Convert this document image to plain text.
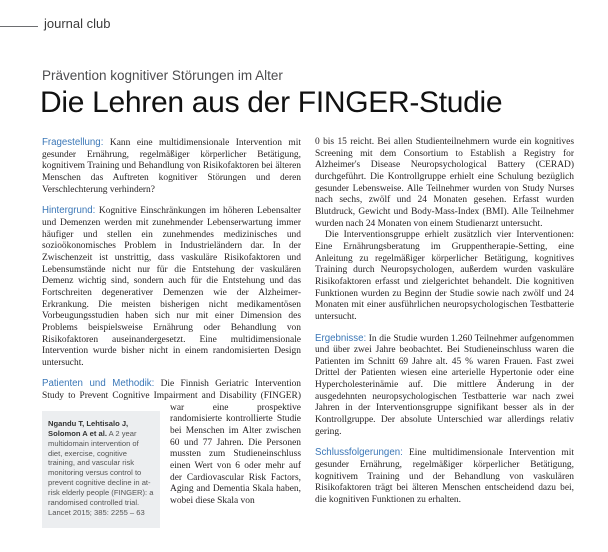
journal club
Prävention kognitiver Störungen im Alter
Die Lehren aus der FINGER-Studie

Fragestellung: Kann eine multidimensionale Intervention mit gesunder Ernährung, regelmäßiger körperlicher Betätigung, kognitivem Training und Behandlung von Risikofaktoren bei älteren Menschen das Auftreten kognitiver Störungen und deren Verschlechterung verhindern?

Hintergrund: Kognitive Einschränkungen im höheren Lebensalter und Demenzen werden mit zunehmender Lebenserwartung immer häufiger und stellen ein zunehmendes medizinisches und sozioökonomisches Problem in Industrieländern dar. In der Zwischenzeit ist unstrittig, dass vaskuläre Risikofaktoren und Lebensumstände nicht nur für die Entstehung der vaskulären Demenz wichtig sind, sondern auch für die Entstehung und das Fortschreiten degenerativer Demenzen wie der Alzheimer-Erkrankung. Die meisten bisherigen nicht medikamentösen Vorbeugungsstudien haben sich nur mit einer Dimension des Problems beispielsweise Ernährung oder Behandlung von Risikofaktoren auseinandergesetzt. Eine multidimensionale Intervention wurde bisher nicht in einem randomisierten Design untersucht.

Patienten und Methodik: Die Finnish Geriatric Intervention Study to Prevent Cognitive Impairment and Disability (FINGER)
Ngandu T, Lehtisalo J, Solomon A et al. A 2 year multidomain intervention of diet, exercise, cognitive training, and vascular risk monitoring versus control to prevent cognitive decline in at-risk elderly people (FINGER): a randomised controlled trial. Lancet 2015; 385: 2255 – 63
war eine prospektive randomisierte kontrollierte Studie bei Menschen im Alter zwischen 60 und 77 Jahren. Die Personen mussten zum Studieneinschluss einen Wert von 6 oder mehr auf der Cardiovascular Risk Factors, Aging and Dementia Skala haben, wobei diese Skala von

0 bis 15 reicht. Bei allen Studienteilnehmern wurde ein kognitives Screening mit dem Consortium to Establish a Registry for Alzheimer's Disease Neuropsychological Battery (CERAD) durchgeführt. Die Kontrollgruppe erhielt eine Schulung bezüglich gesunder Lebensweise. Alle Teilnehmer wurden von Study Nurses nach sechs, zwölf und 24 Monaten gesehen. Erfasst wurden Blutdruck, Gewicht und Body-Mass-Index (BMI). Alle Teilnehmer wurden nach 24 Monaten von einem Studienarzt untersucht.

Die Interventionsgruppe erhielt zusätzlich vier Interventionen: Eine Ernährungsberatung im Gruppentherapie-Setting, eine Anleitung zu regelmäßiger körperlicher Betätigung, kognitives Training durch Neuropsychologen, außerdem wurden vaskuläre Risikofaktoren erfasst und zielgerichtet behandelt. Die kognitiven Funktionen wurden zu Beginn der Studie sowie nach zwölf und 24 Monaten mit einer ausführlichen neuropsychologischen Testbatterie untersucht.

Ergebnisse: In die Studie wurden 1.260 Teilnehmer aufgenommen und über zwei Jahre beobachtet. Bei Studieneinschluss waren die Patienten im Schnitt 69 Jahre alt. 45 % waren Frauen. Fast zwei Drittel der Patienten wiesen eine arterielle Hypertonie oder eine Hypercholesterinämie auf. Die mittlere Änderung in der ausgedehnten neuropsychologischen Testbatterie war nach zwei Jahren in der Interventionsgruppe signifikant besser als in der Kontrollgruppe. Der absolute Unterschied war allerdings relativ gering.

Schlussfolgerungen: Eine multidimensionale Intervention mit gesunder Ernährung, regelmäßiger körperlicher Betätigung, kognitivem Training und der Behandlung von vaskulären Risikofaktoren trägt bei älteren Menschen entscheidend dazu bei, die kognitiven Funktionen zu erhalten.
